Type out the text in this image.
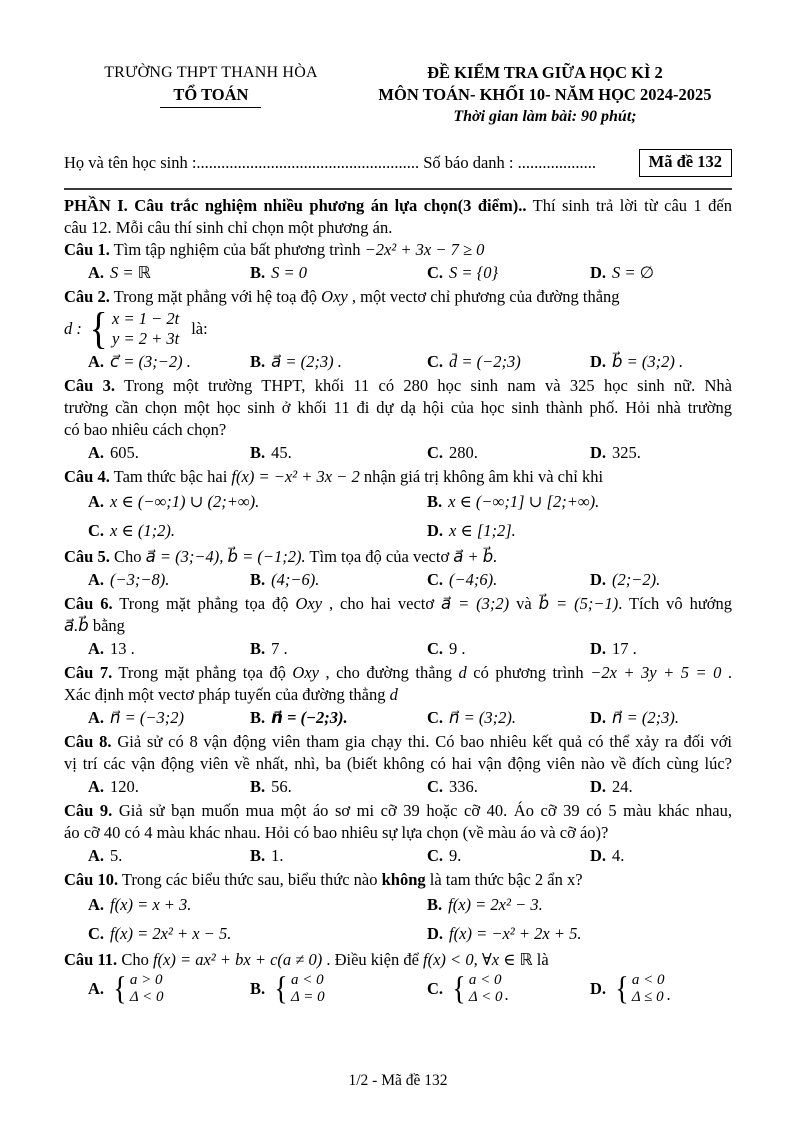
TRƯỜNG THPT THANH HÒA
TỔ TOÁN
ĐỀ KIỂM TRA GIỮA HỌC KÌ 2
MÔN TOÁN- KHỐI 10- NĂM HỌC 2024-2025
Thời gian làm bài: 90 phút;
Họ và tên học sinh :...................................................... Số báo danh : ...................	Mã đề 132

PHẦN I. Câu trắc nghiệm nhiều phương án lựa chọn(3 điểm).. Thí sinh trả lời từ câu 1 đến

câu 12. Mỗi câu thí sinh chỉ chọn một phương án.

Câu 1. Tìm tập nghiệm của bất phương trình −2x² + 3x − 7 ≥ 0

A. S = ℝ	B. S = 0	C. S = {0}	D. S = ∅

Câu 2. Trong mặt phẳng với hệ toạ độ Oxy , một vectơ chỉ phương của đường thẳng

d : { x = 1 − 2t
y = 2 + 3t
là:
A. c⃗ = (3;−2) .	B. a⃗ = (2;3) .	C. d̄ = (−2;3)	D. b⃗ = (3;2) .

Câu 3. Trong một trường THPT, khối 11 có 280 học sinh nam và 325 học sinh nữ. Nhà

trường cần chọn một học sinh ở khối 11 đi dự dạ hội của học sinh thành phố. Hỏi nhà trường

có bao nhiêu cách chọn?

A. 605.	B. 45.	C. 280.	D. 325.

Câu 4. Tam thức bậc hai f(x) = −x² + 3x − 2 nhận giá trị không âm khi và chỉ khi

A. x ∈ (−∞;1) ∪ (2;+∞).	B. x ∈ (−∞;1] ∪ [2;+∞).
C. x ∈ (1;2).	D. x ∈ [1;2].

Câu 5. Cho a⃗ = (3;−4), b⃗ = (−1;2). Tìm tọa độ của vectơ a⃗ + b⃗.

A. (−3;−8).	B. (4;−6).	C. (−4;6).	D. (2;−2).

Câu 6. Trong mặt phẳng tọa độ Oxy , cho hai vectơ a⃗ = (3;2) và b⃗ = (5;−1). Tích vô hướng

a⃗.b⃗ bằng

A. 13 .	B. 7 .	C. 9 .	D. 17 .

Câu 7. Trong mặt phẳng tọa độ Oxy , cho đường thẳng d có phương trình −2x + 3y + 5 = 0 .

Xác định một vectơ pháp tuyến của đường thẳng d

A. n⃗ = (−3;2)	B. n⃗ = (−2;3).	C. n⃗ = (3;2).	D. n⃗ = (2;3).

Câu 8. Giả sử có 8 vận động viên tham gia chạy thi. Có bao nhiêu kết quả có thể xảy ra đối với

vị trí các vận động viên về nhất, nhì, ba (biết không có hai vận động viên nào về đích cùng lúc?

A. 120.	B. 56.	C. 336.	D. 24.

Câu 9. Giả sử bạn muốn mua một áo sơ mi cỡ 39 hoặc cỡ 40. Áo cỡ 39 có 5 màu khác nhau,

áo cỡ 40 có 4 màu khác nhau. Hỏi có bao nhiêu sự lựa chọn (về màu áo và cỡ áo)?

A. 5.	B. 1.	C. 9.	D. 4.

Câu 10. Trong các biểu thức sau, biểu thức nào không là tam thức bậc 2 ẩn x?

A. f(x) = x + 3.	B. f(x) = 2x² − 3.
C. f(x) = 2x² + x − 5.	D. f(x) = −x² + 2x + 5.

Câu 11. Cho f(x) = ax² + bx + c(a ≠ 0) . Điều kiện để f(x) < 0, ∀x ∈ ℝ là

A. { a > 0
Δ < 0	B. { a < 0
Δ = 0	C. { a < 0
Δ < 0 .	D. { a < 0
Δ ≤ 0 .
1/2 - Mã đề 132
